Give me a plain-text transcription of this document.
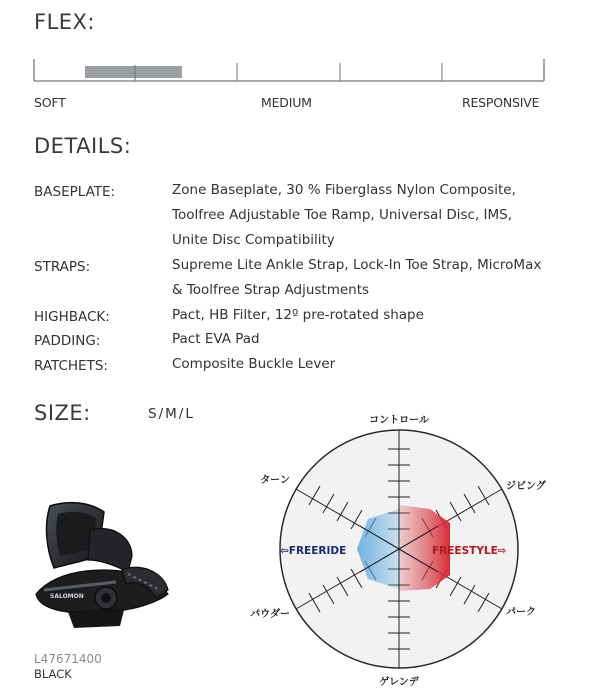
FLEX:
SOFT	MEDIUM	RESPONSIVE
DETAILS:
BASEPLATE:	Zone Baseplate, 30 % Fiberglass Nylon Composite,
Toolfree Adjustable Toe Ramp, Universal Disc, IMS,
Unite Disc Compatibility
STRAPS:	Supreme Lite Ankle Strap, Lock-In Toe Strap, MicroMax
& Toolfree Strap Adjustments
HIGHBACK:	Pact, HB Filter, 12º pre-rotated shape
PADDING:	Pact EVA Pad
RATCHETS:	Composite Buckle Lever
SIZE:	S/M/L
SALOMON
L47671400
BLACK
コントロール
ターン
ジビング
パウダー	パーク
ゲレンデ
⇦FREERIDE	FREESTYLE⇨
